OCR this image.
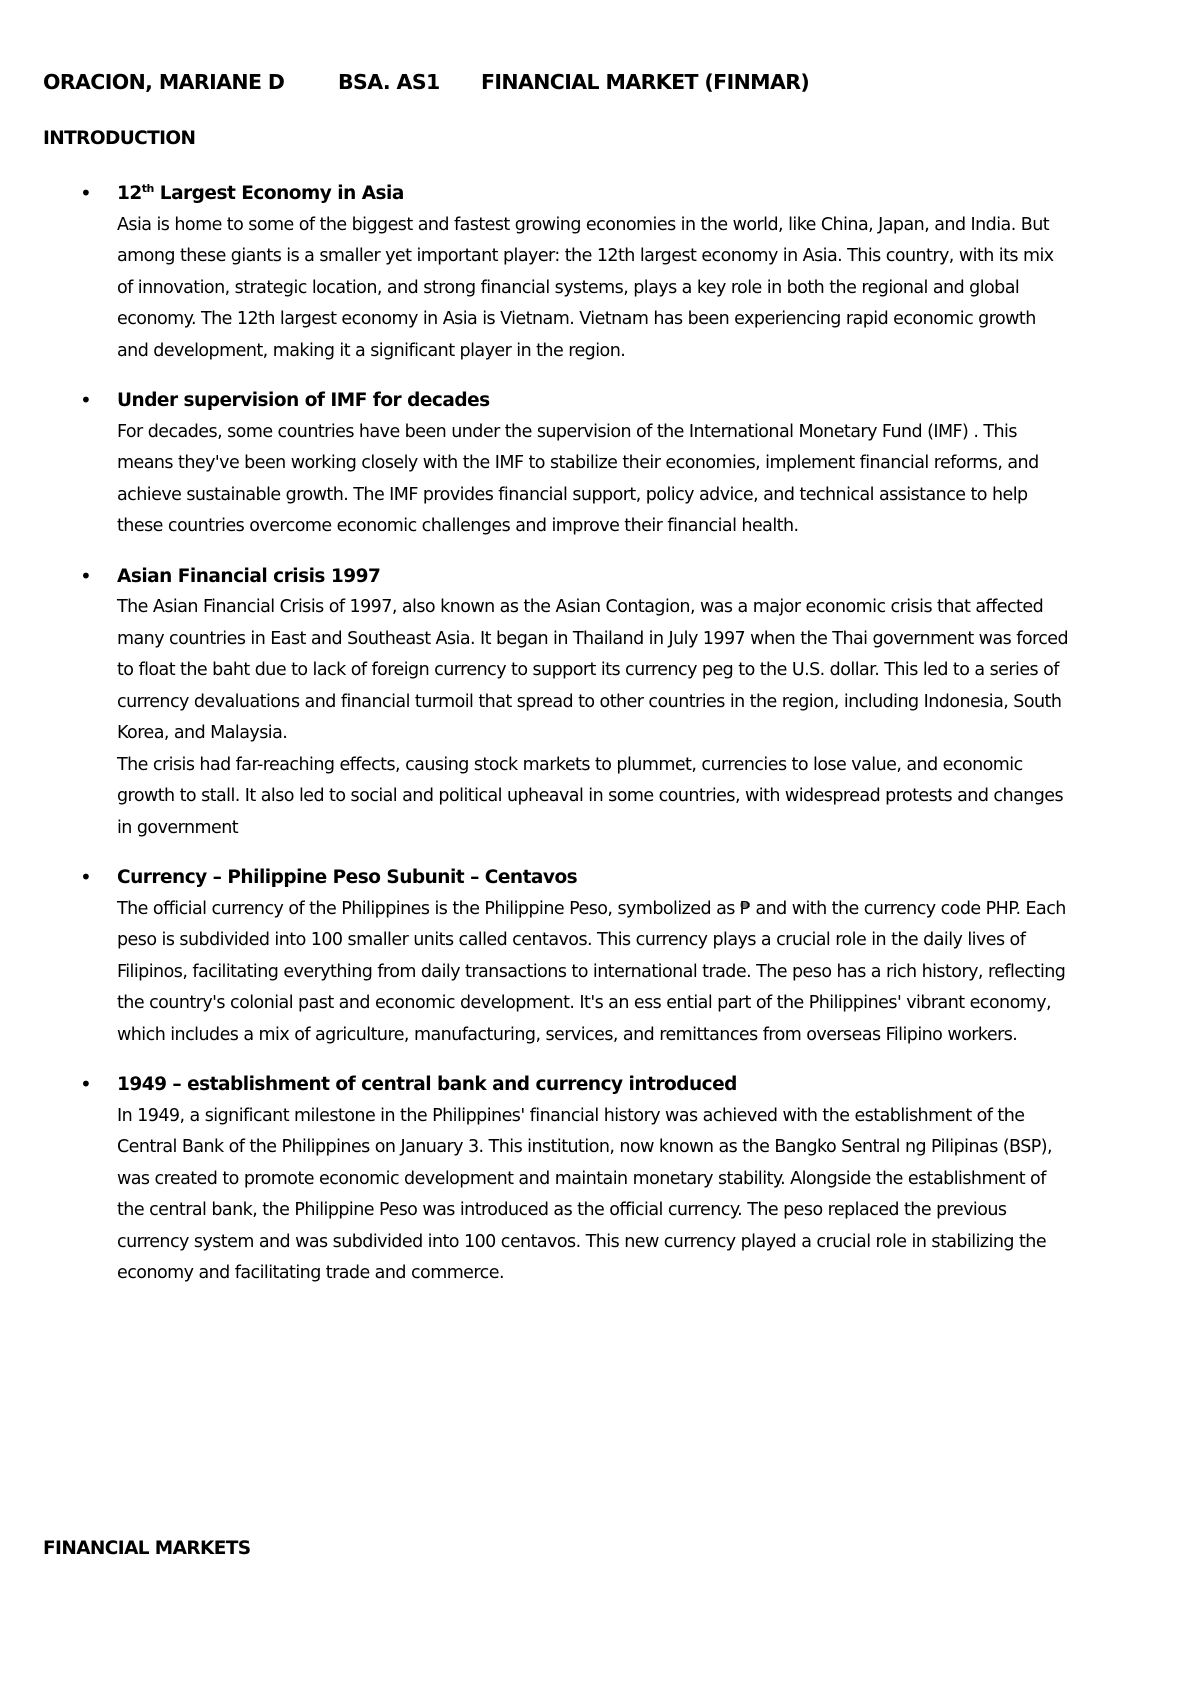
ORACION, MARIANE D	BSA. AS1 FINANCIAL MARKET (FINMAR)
INTRODUCTION
• 12th Largest Economy in Asia

Asia is home to some of the biggest and fastest growing economies in the world, like China, Japan, and India. But among these giants is a smaller yet important player: the 12th largest economy in Asia. This country, with its mix of innovation, strategic location, and strong financial systems, plays a key role in both the regional and global economy. The 12th largest economy in Asia is Vietnam. Vietnam has been experiencing rapid economic growth and development, making it a significant player in the region.

• Under supervision of IMF for decades

For decades, some countries have been under the supervision of the International Monetary Fund (IMF) . This means they've been working closely with the IMF to stabilize their economies, implement financial reforms, and achieve sustainable growth. The IMF provides financial support, policy advice, and technical assistance to help these countries overcome economic challenges and improve their financial health.

• Asian Financial crisis 1997

The Asian Financial Crisis of 1997, also known as the Asian Contagion, was a major economic crisis that affected many countries in East and Southeast Asia. It began in Thailand in July 1997 when the Thai government was forced to float the baht due to lack of foreign currency to support its currency peg to the U.S. dollar. This led to a series of currency devaluations and financial turmoil that spread to other countries in the region, including Indonesia, South Korea, and Malaysia.

The crisis had far-reaching effects, causing stock markets to plummet, currencies to lose value, and economic growth to stall. It also led to social and political upheaval in some countries, with widespread protests and changes in government

• Currency – Philippine Peso Subunit – Centavos

The official currency of the Philippines is the Philippine Peso, symbolized as ₱ and with the currency code PHP. Each peso is subdivided into 100 smaller units called centavos. This currency plays a crucial role in the daily lives of Filipinos, facilitating everything from daily transactions to international trade. The peso has a rich history, reflecting the country's colonial past and economic development. It's an ess ential part of the Philippines' vibrant economy, which includes a mix of agriculture, manufacturing, services, and remittances from overseas Filipino workers.

• 1949 – establishment of central bank and currency introduced

In 1949, a significant milestone in the Philippines' financial history was achieved with the establishment of the Central Bank of the Philippines on January 3. This institution, now known as the Bangko Sentral ng Pilipinas (BSP), was created to promote economic development and maintain monetary stability. Alongside the establishment of the central bank, the Philippine Peso was introduced as the official currency. The peso replaced the previous currency system and was subdivided into 100 centavos. This new currency played a crucial role in stabilizing the economy and facilitating trade and commerce.

FINANCIAL MARKETS
